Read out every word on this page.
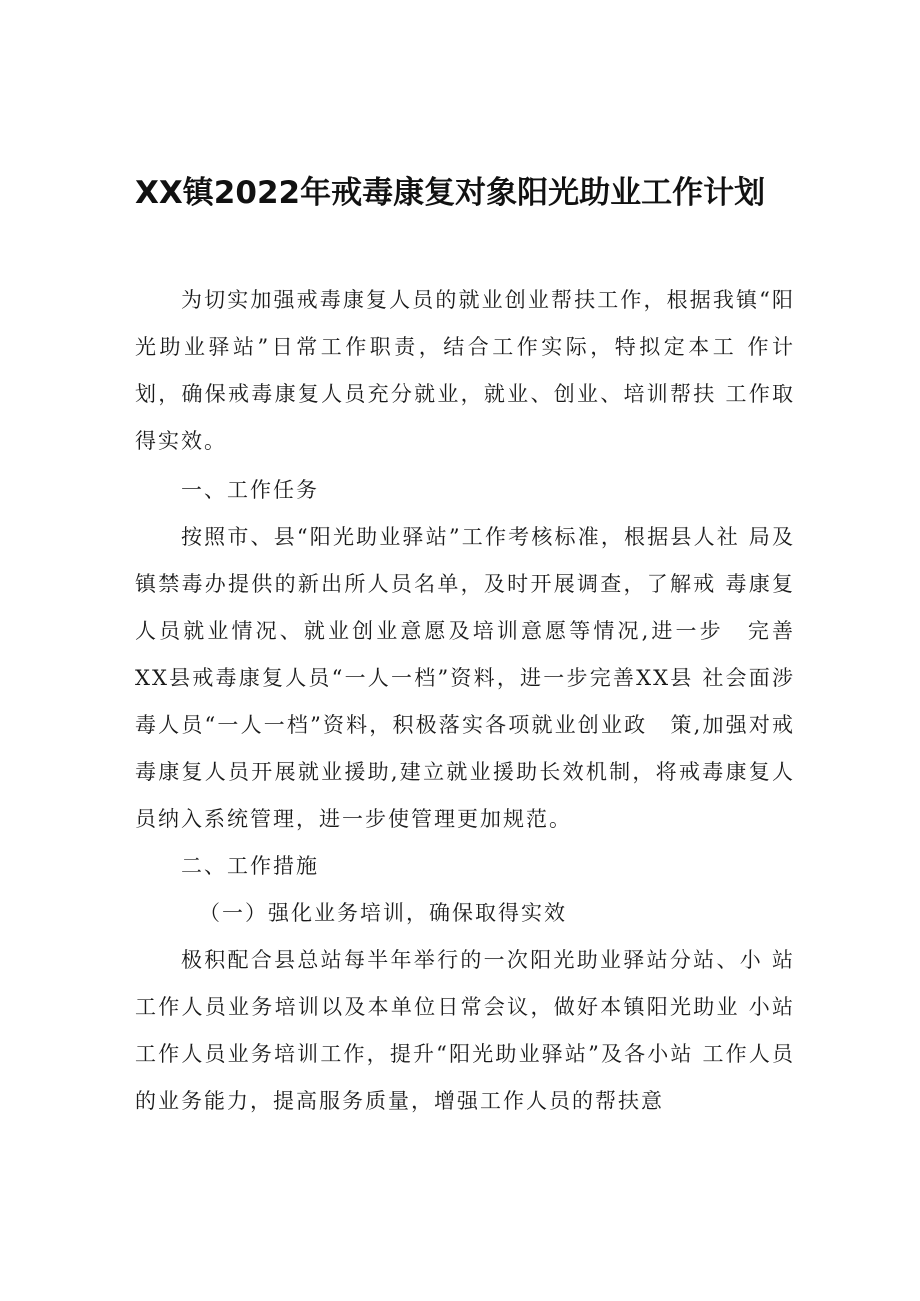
XX镇2022年戒毒康复对象阳光助业工作计划

为切实加强戒毒康复人员的就业创业帮扶工作，根据我镇“阳光助业驿站”日常工作职责，结合工作实际，特拟定本工 作计划，确保戒毒康复人员充分就业，就业、创业、培训帮扶 工作取得实效。

一、工作任务

按照市、县“阳光助业驿站”工作考核标准，根据县人社 局及镇禁毒办提供的新出所人员名单，及时开展调查，了解戒 毒康复人员就业情况、就业创业意愿及培训意愿等情况,进一步　完善XX县戒毒康复人员“一人一档”资料，进一步完善XX县 社会面涉毒人员“一人一档”资料，积极落实各项就业创业政　策,加强对戒毒康复人员开展就业援助,建立就业援助长效机制，将戒毒康复人员纳入系统管理，进一步使管理更加规范。

二、工作措施

（一）强化业务培训，确保取得实效

极积配合县总站每半年举行的一次阳光助业驿站分站、小 站工作人员业务培训以及本单位日常会议，做好本镇阳光助业 小站工作人员业务培训工作，提升“阳光助业驿站”及各小站 工作人员的业务能力，提高服务质量，增强工作人员的帮扶意
